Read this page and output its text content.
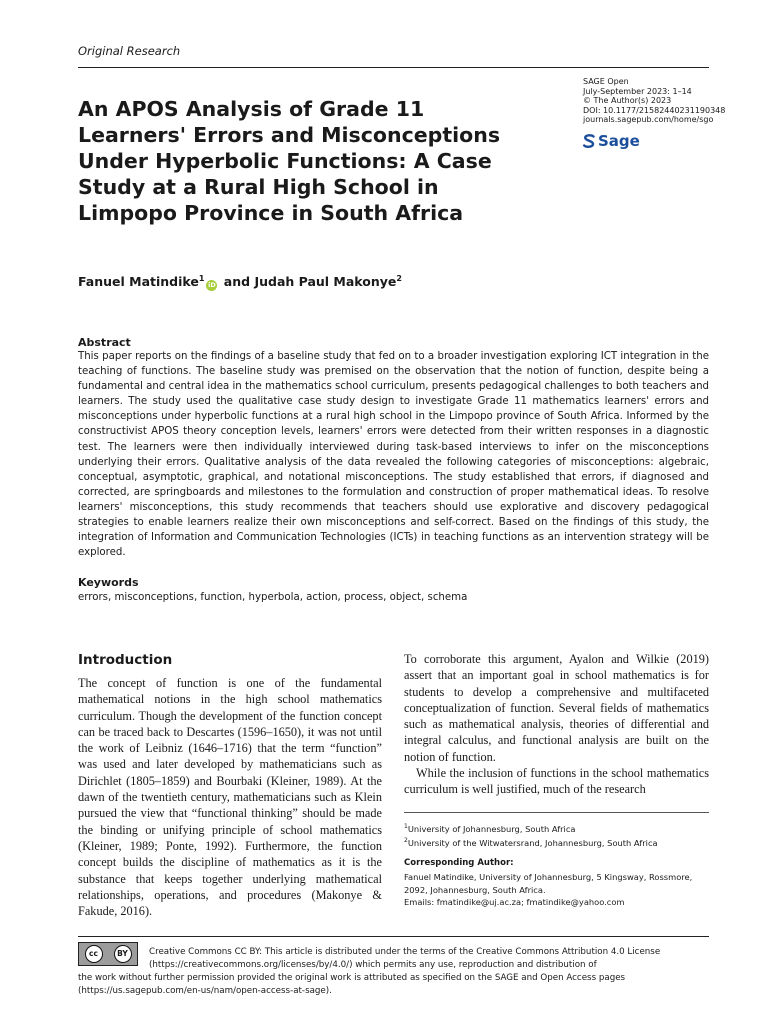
Original Research
An APOS Analysis of Grade 11 Learners' Errors and Misconceptions Under Hyperbolic Functions: A Case Study at a Rural High School in Limpopo Province in South Africa
SAGE Open
July-September 2023: 1–14
© The Author(s) 2023
DOI: 10.1177/21582440231190348
journals.sagepub.com/home/sgo
Sage
Fanuel Matindike$^1$iD and Judah Paul Makonye$^2$
Abstract

This paper reports on the findings of a baseline study that fed on to a broader investigation exploring ICT integration in the teaching of functions. The baseline study was premised on the observation that the notion of function, despite being a fundamental and central idea in the mathematics school curriculum, presents pedagogical challenges to both teachers and learners. The study used the qualitative case study design to investigate Grade 11 mathematics learners' errors and misconceptions under hyperbolic functions at a rural high school in the Limpopo province of South Africa. Informed by the constructivist APOS theory conception levels, learners' errors were detected from their written responses in a diagnostic test. The learners were then individually interviewed during task-based interviews to infer on the misconceptions underlying their errors. Qualitative analysis of the data revealed the following categories of misconceptions: algebraic, conceptual, asymptotic, graphical, and notational misconceptions. The study established that errors, if diagnosed and corrected, are springboards and milestones to the formulation and construction of proper mathematical ideas. To resolve learners' misconceptions, this study recommends that teachers should use explorative and discovery pedagogical strategies to enable learners realize their own misconceptions and self-correct. Based on the findings of this study, the integration of Information and Communication Technologies (ICTs) in teaching functions as an intervention strategy will be explored.

Keywords
errors, misconceptions, function, hyperbola, action, process, object, schema
Introduction

The concept of function is one of the fundamental mathematical notions in the high school mathematics curriculum. Though the development of the function concept can be traced back to Descartes (1596–1650), it was not until the work of Leibniz (1646–1716) that the term “function” was used and later developed by mathematicians such as Dirichlet (1805–1859) and Bourbaki (Kleiner, 1989). At the dawn of the twentieth century, mathematicians such as Klein pursued the view that “functional thinking” should be made the binding or unifying principle of school mathematics (Kleiner, 1989; Ponte, 1992). Furthermore, the function concept builds the discipline of mathematics as it is the substance that keeps together underlying mathematical relationships, operations, and procedures (Makonye & Fakude, 2016).

To corroborate this argument, Ayalon and Wilkie (2019) assert that an important goal in school mathematics is for students to develop a comprehensive and multifaceted conceptualization of function. Several fields of mathematics such as mathematical analysis, theories of differential and integral calculus, and functional analysis are built on the notion of function.

While the inclusion of functions in the school mathematics curriculum is well justified, much of the research

$^1$University of Johannesburg, South Africa
$^2$University of the Witwatersrand, Johannesburg, South Africa
Corresponding Author:
Fanuel Matindike, University of Johannesburg, 5 Kingsway, Rossmore,
2092, Johannesburg, South Africa.
Emails: fmatindike@uj.ac.za; fmatindike@yahoo.com
cc	BY	Creative Commons CC BY: This article is distributed under the terms of the Creative Commons Attribution 4.0 License
(https://creativecommons.org/licenses/by/4.0/) which permits any use, reproduction and distribution of
the work without further permission provided the original work is attributed as specified on the SAGE and Open Access pages
(https://us.sagepub.com/en-us/nam/open-access-at-sage).
